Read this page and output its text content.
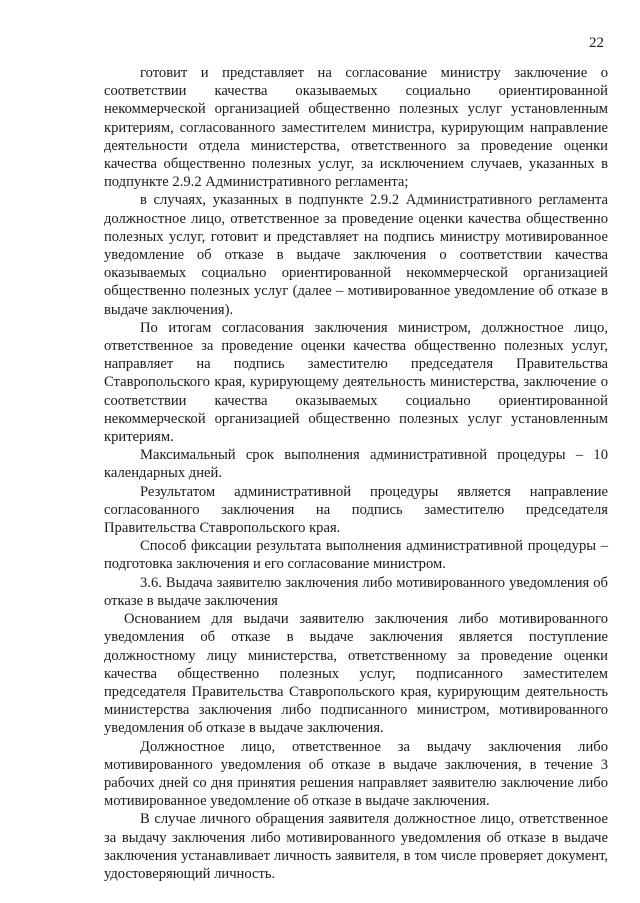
22

готовит и представляет на согласование министру заключение о соответствии качества оказываемых социально ориентированной некоммерческой организацией общественно полезных услуг установленным критериям, согласованного заместителем министра, курирующим направление деятельности отдела министерства, ответственного за проведение оценки качества общественно полезных услуг, за исключением случаев, указанных в подпункте 2.9.2 Административного регламента;

в случаях, указанных в подпункте 2.9.2 Административного регламента должностное лицо, ответственное за проведение оценки качества общественно полезных услуг, готовит и представляет на подпись министру мотивированное уведомление об отказе в выдаче заключения о соответствии качества оказываемых социально ориентированной некоммерческой организацией общественно полезных услуг (далее – мотивированное уведомление об отказе в выдаче заключения).

По итогам согласования заключения министром, должностное лицо, ответственное за проведение оценки качества общественно полезных услуг, направляет на подпись заместителю председателя Правительства Ставропольского края, курирующему деятельность министерства, заключение о соответствии качества оказываемых социально ориентированной некоммерческой организацией общественно полезных услуг установленным критериям.

Максимальный срок выполнения административной процедуры – 10 календарных дней.

Результатом административной процедуры является направление согласованного заключения на подпись заместителю председателя Правительства Ставропольского края.

Способ фиксации результата выполнения административной процедуры – подготовка заключения и его согласование министром.

3.6. Выдача заявителю заключения либо мотивированного уведомления об отказе в выдаче заключения

Основанием для выдачи заявителю заключения либо мотивированного уведомления об отказе в выдаче заключения является поступление должностному лицу министерства, ответственному за проведение оценки качества общественно полезных услуг, подписанного заместителем председателя Правительства Ставропольского края, курирующим деятельность министерства заключения либо подписанного министром, мотивированного уведомления об отказе в выдаче заключения.

Должностное лицо, ответственное за выдачу заключения либо мотивированного уведомления об отказе в выдаче заключения, в течение 3 рабочих дней со дня принятия решения направляет заявителю заключение либо мотивированное уведомление об отказе в выдаче заключения.

В случае личного обращения заявителя должностное лицо, ответственное за выдачу заключения либо мотивированного уведомления об отказе в выдаче заключения устанавливает личность заявителя, в том числе проверяет документ, удостоверяющий личность.
